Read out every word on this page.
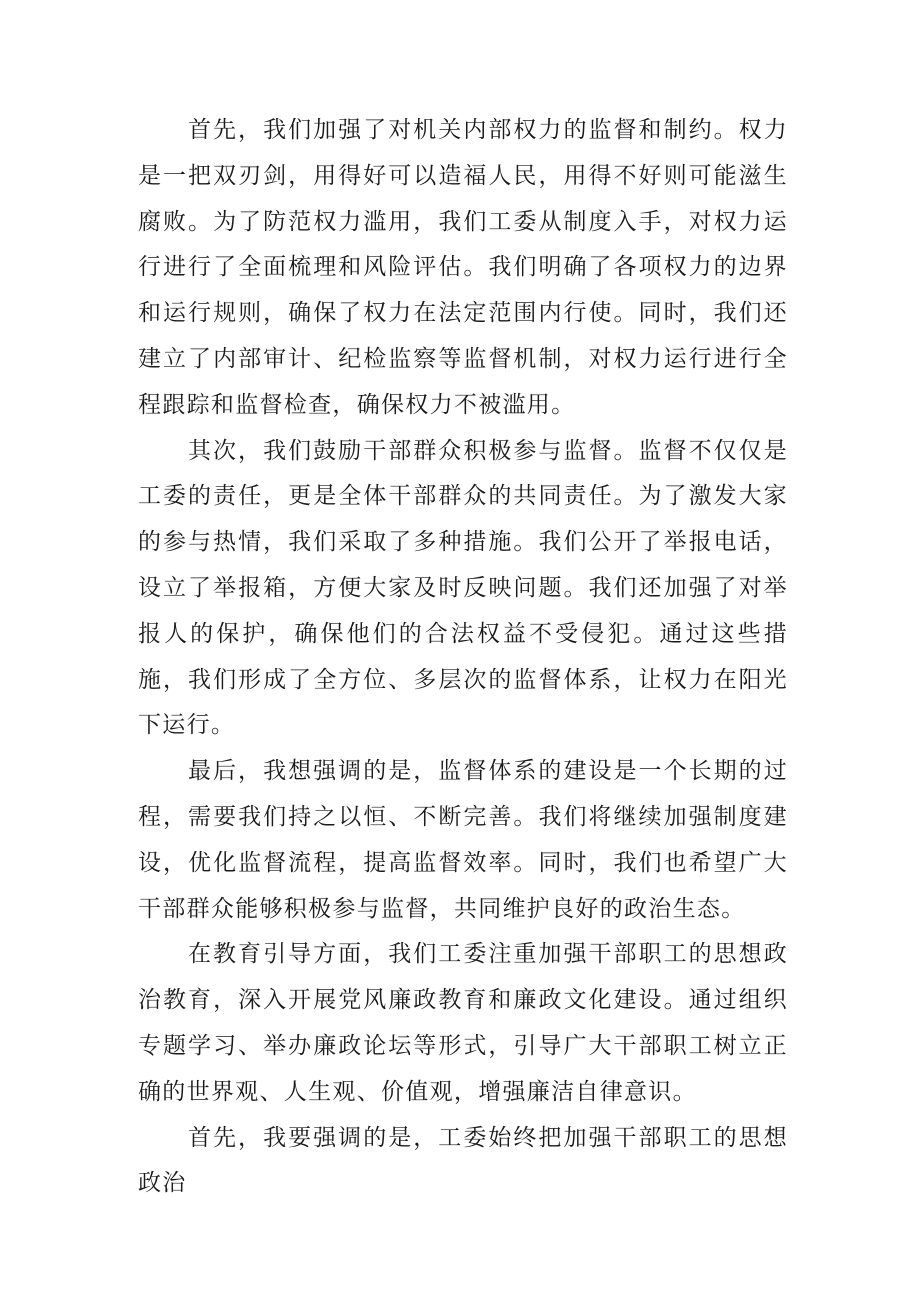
首先，我们加强了对机关内部权力的监督和制约。权力是一把双刃剑，用得好可以造福人民，用得不好则可能滋生腐败。为了防范权力滥用，我们工委从制度入手，对权力运行进行了全面梳理和风险评估。我们明确了各项权力的边界和运行规则，确保了权力在法定范围内行使。同时，我们还建立了内部审计、纪检监察等监督机制，对权力运行进行全程跟踪和监督检查，确保权力不被滥用。

其次，我们鼓励干部群众积极参与监督。监督不仅仅是工委的责任，更是全体干部群众的共同责任。为了激发大家的参与热情，我们采取了多种措施。我们公开了举报电话，设立了举报箱，方便大家及时反映问题。我们还加强了对举报人的保护，确保他们的合法权益不受侵犯。通过这些措施，我们形成了全方位、多层次的监督体系，让权力在阳光下运行。

最后，我想强调的是，监督体系的建设是一个长期的过程，需要我们持之以恒、不断完善。我们将继续加强制度建设，优化监督流程，提高监督效率。同时，我们也希望广大干部群众能够积极参与监督，共同维护良好的政治生态。

在教育引导方面，我们工委注重加强干部职工的思想政治教育，深入开展党风廉政教育和廉政文化建设。通过组织专题学习、举办廉政论坛等形式，引导广大干部职工树立正确的世界观、人生观、价值观，增强廉洁自律意识。

首先，我要强调的是，工委始终把加强干部职工的思想政治
